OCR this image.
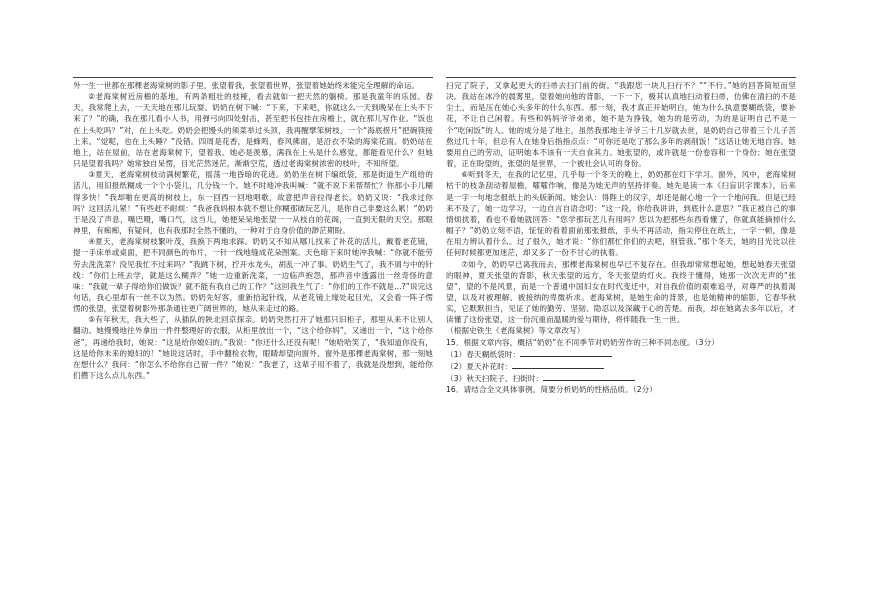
外一生一世都在那棵老海棠树的影子里，张望着我，张望着世界，张望着她始终未能完全理解的命运。

②老海棠树近房檐的基地，有两条粗壮的枝桠，看去就如一把天然的躺椅。那是我童年的乐园。春天，我常爬上去，一天天地在那儿玩耍。奶奶在树下喊：“下来，下来吧，你就这么一天到晚呆在上头不下来了？”的确，我在那儿看小人书，用弹弓向四处射击，甚至把书包挂在房檐上，就在那儿写作业。“饭也在上头吃吗？”对，在上头吃。奶奶会把馒头的须菜举过头顶，我再醒擘笨树枝，一个“海底捞月”把碗筷接上来。“觉呢，也在上头睡？”没错。四周是花香，是蜂鸣，春风拂面，是沿衣不染的海棠花雨。奶奶站在地上，站在屋前，站在老海棠树下，望着我。她必是羡慕，满我在上头是什么感觉，都能看见什么？但她只是望着我吗？她常独自呆愣，目光茫然迷茫，渐渐空荒，透过老海棠树浓密的枝叶，不知所望。

③夏天，老海棠树枝动满树繁花，摇荡一地昏暗的花迹。奶奶坐在树下编纸袋，那是街道生产组给的活儿，用旧报纸糊成一个个小袋儿，几分钱一个。她不时地冲我叫喊：“就不说下来帮帮忙？你那小手儿糊得多快！”我却啪在更高的树枝上，东一回西一回地唱歌，故意把声音拉得老长。奶奶又说：“我求过你吗？这回活儿紧！”有些赶不耐烦：“我爸我妈根本就不想让你糊那破玩艺儿，是你自己非要这么累！”奶奶于是没了声息，嘴巴嗫，嘴口气，这当儿，她便呆呆地张望一一从枝自的花阁，一直到无限的天空。那眼神里，有痴痴，有疑问，也有我那时全然不懂的，一种对于自身价值的渺茫期盼。

④夏天，老海棠树枝繁叶茂，我换下两地求踩。奶奶又不知从哪儿找来了补花的活儿，戴着老花镜，提一手床单或桌面，把不同颜色的布片，一针一线地缝成花朵图案。天色暗下来时她冲我喊：“你就不能劳劳去洗洗菜？没见我忙不过来吗？”我跳下树，拧开水龙头，胡乱一冲了事。奶奶生气了，我不屑与中的针线：“你们上班去学，就是这么糊弄？”她一边重新洗菜，一边临声抱怨，那声音中透露出一丝奇怪的意味：“我就一辈子得给你们做饭？就不能有我自己的工作？”这回我生气了：“你们的工作不就是...?”说完这句话，我心里却有一丝不以为然。奶奶先好客，重新拾起针线，从老花镜上缘处起目光，又会看一阵子愣愣的张望，张望着树影外那条通往更广阔世界的，她从来走过的路。

⑤有年秋天，我大些了，从插队的陕北回京探亲。奶奶突然打开了她那只旧柜子，那里从来不让别人翻动。她慢慢地往外拿出一件件整理好的衣服，从柜里放出一个，“这个给你妈”，又递出一个，“这个给你爸”，再递给我时，她说：“这是给你媳妇的。”我说：“你还什么还没有呢！”她哈哈笑了，“我知道你没有，这是给你未来的媳妇的！”她说这话时，手中翻检衣物，眼睛却望向窗外，窗外是那棵老海棠树，那一刻她在想什么？我问：“你怎么不给你自己留一件？”她说：“我老了，这辈子用不着了，我就是没想到，能给你们攒下这么点儿东西。”

扫完了院子，又拿起更大的扫帚去扫门前的街。“我跟您一块儿扫行不？”“不行。”她的回答简短而坚决。我站在冰冷的晨雾里，望着她向他的背影，一下一下，极其认真地扫动着扫帚，仿佛在清扫的不是尘土，而是压在她心头多年的什么东西。那一刻，我才真正开始明白，她为什么执意要糊纸袋，要补花，不让自己闲着。有些和妈妈爷爷弟弟，她不是为挣钱，她为的是劳动，为的是证明自己不是一个“吃闲饭”的人。她的成分是了地主，虽然我那地主爷爷三十几岁就去世，是奶奶自己带着三个儿子苦熬过几十年，但总有人在她身后指指点点：“可你还是吃了那么多年的剥削饭！”这话让她无地自容。她要用自己的劳动，证明她本不该有一天自食其力。她张望的，或许就是一份卷容和一个身份；她在张望着，正在盼望的，张望的是世界，一个被社会认可的身份。

⑥听到冬天，在我的记忆里，几乎每一个冬天的晚上，奶奶都在灯下学习。窗外，风中，老海棠树枯干的枝条刮动着屋檐，嚯嚯作响，像是为她无声的坚持伴奏。她先是读一本《扫盲识字课本》，后来是一字一句地念报纸上的头版新闻。她会认：得陛上的汉字，却还是耐心地一个一个地问我。但是已经来不及了，她一边学习，一边自言自语念叨：“这一段，你给我讲讲，到底什么意思？”我正被自己的事情烦扰着，看也不看她就回答：“您学那玩艺儿有用吗？您以为把那些东西看懂了，你就真能摘掉什么帽子？”奶奶立刻不语，怔怔的看着面前那张报纸，手头不再活动，指尖停住在纸上，一字一顿，像是在用力辨认着什么。过了很久，她才说：“你们都忙你们的去吧，别管我。”那个冬天，她的目光比以往任何时候都更加迷茫，却又多了一份不甘心的执着。

⑦如今，奶奶早已离我而去，那棵老海棠树也早已不复存在。但我却常常想起她，想起她春天张望的眼神，夏天张望的背影，秋天张望的远方，冬天张望的灯火。我终于懂得，她那一次次无声的“张望”，望的不是风景，而是一个普通中国妇女在时代变迁中，对自我价值的艰难追寻，对尊严的执着渴望，以及对被理解、被接纳的卑微祈求。老海棠树，是她生命的背景，也是她精神的缩影，它春华秋实，它默默担当，见证了她的勤劳、坚韧、隐忍以及深藏于心的苦楚。而我，却在她离去多年以后，才读懂了这份张望，这一份沉重而温暖的爱与期待，将伴随我一生一世。

（根据史铁生《老海棠树》等文章改写）

15．根据文章内容，概括“奶奶”在不同季节对奶奶劳作的三种不同态度。（3分）

（1）春天糊纸袋时：

（2）夏天补花时：

（3）秋天扫院子、扫街时：

16．请结合全文具体事例，简要分析奶奶的性格品质。（2分）
